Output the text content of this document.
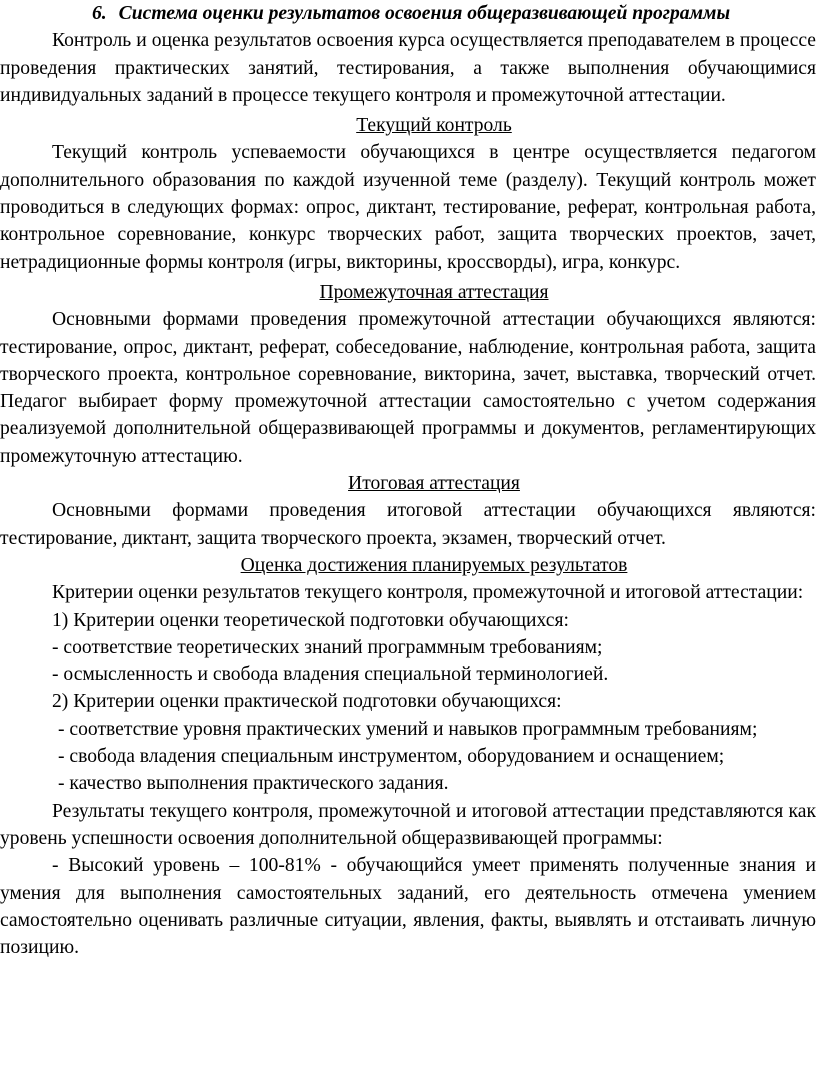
6. Система оценки результатов освоения общеразвивающей программы

Контроль и оценка результатов освоения курса осуществляется преподавателем в процессе проведения практических занятий, тестирования, а также выполнения обучающимися индивидуальных заданий в процессе текущего контроля и промежуточной аттестации.

Текущий контроль

Текущий контроль успеваемости обучающихся в центре осуществляется педагогом дополнительного образования по каждой изученной теме (разделу). Текущий контроль может проводиться в следующих формах: опрос, диктант, тестирование, реферат, контрольная работа, контрольное соревнование, конкурс творческих работ, защита творческих проектов, зачет, нетрадиционные формы контроля (игры, викторины, кроссворды), игра, конкурс.

Промежуточная аттестация

Основными формами проведения промежуточной аттестации обучающихся являются: тестирование, опрос, диктант, реферат, собеседование, наблюдение, контрольная работа, защита творческого проекта, контрольное соревнование, викторина, зачет, выставка, творческий отчет. Педагог выбирает форму промежуточной аттестации самостоятельно с учетом содержания реализуемой дополнительной общеразвивающей программы и документов, регламентирующих промежуточную аттестацию.

Итоговая аттестация

Основными формами проведения итоговой аттестации обучающихся являются: тестирование, диктант, защита творческого проекта, экзамен, творческий отчет.

Оценка достижения планируемых результатов

Критерии оценки результатов текущего контроля, промежуточной и итоговой аттестации:

1) Критерии оценки теоретической подготовки обучающихся:

- соответствие теоретических знаний программным требованиям;

- осмысленность и свобода владения специальной терминологией.

2) Критерии оценки практической подготовки обучающихся:

- соответствие уровня практических умений и навыков программным требованиям;

- свобода владения специальным инструментом, оборудованием и оснащением;

- качество выполнения практического задания.

Результаты текущего контроля, промежуточной и итоговой аттестации представляются как уровень успешности освоения дополнительной общеразвивающей программы:

- Высокий уровень – 100-81% - обучающийся умеет применять полученные знания и умения для выполнения самостоятельных заданий, его деятельность отмечена умением самостоятельно оценивать различные ситуации, явления, факты, выявлять и отстаивать личную позицию.
